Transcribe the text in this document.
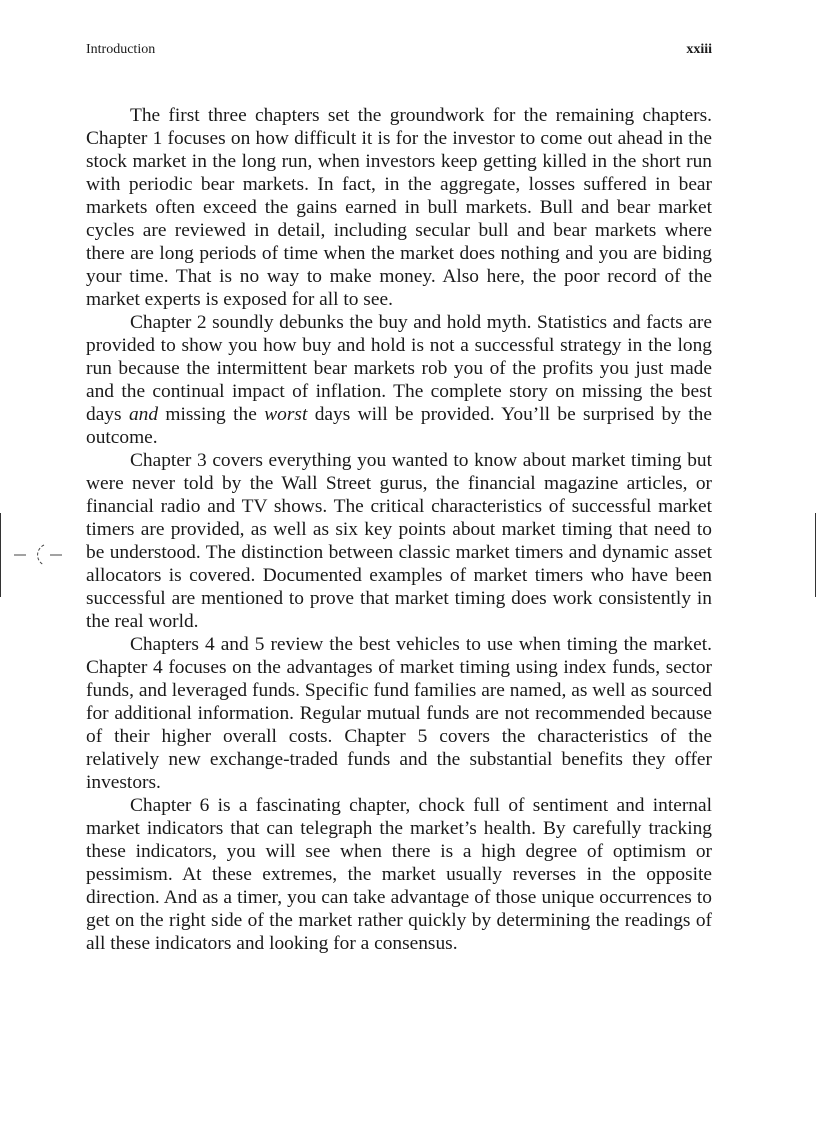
Introduction	xxiii

The first three chapters set the groundwork for the remaining chapters. Chapter 1 focuses on how difficult it is for the investor to come out ahead in the stock market in the long run, when investors keep getting killed in the short run with periodic bear markets. In fact, in the aggregate, losses suffered in bear markets often exceed the gains earned in bull markets. Bull and bear market cycles are reviewed in detail, including secular bull and bear markets where there are long periods of time when the market does nothing and you are biding your time. That is no way to make money. Also here, the poor record of the market experts is exposed for all to see.

Chapter 2 soundly debunks the buy and hold myth. Statistics and facts are provided to show you how buy and hold is not a successful strategy in the long run because the intermittent bear markets rob you of the profits you just made and the continual impact of inflation. The complete story on missing the best days and missing the worst days will be provided. You’ll be surprised by the outcome.

Chapter 3 covers everything you wanted to know about market timing but were never told by the Wall Street gurus, the financial magazine articles, or financial radio and TV shows. The critical characteristics of successful market timers are provided, as well as six key points about market timing that need to be understood. The distinction between classic market timers and dynamic asset allocators is covered. Documented examples of market timers who have been successful are mentioned to prove that market timing does work consistently in the real world.

Chapters 4 and 5 review the best vehicles to use when timing the market. Chapter 4 focuses on the advantages of market timing using index funds, sector funds, and leveraged funds. Specific fund families are named, as well as sourced for additional information. Regular mutual funds are not recommended because of their higher overall costs. Chapter 5 covers the characteristics of the relatively new exchange-traded funds and the substantial benefits they offer investors.

Chapter 6 is a fascinating chapter, chock full of sentiment and internal market indicators that can telegraph the market’s health. By carefully tracking these indicators, you will see when there is a high degree of optimism or pessimism. At these extremes, the market usually reverses in the opposite direction. And as a timer, you can take advantage of those unique occurrences to get on the right side of the market rather quickly by determining the readings of all these indicators and looking for a consensus.
